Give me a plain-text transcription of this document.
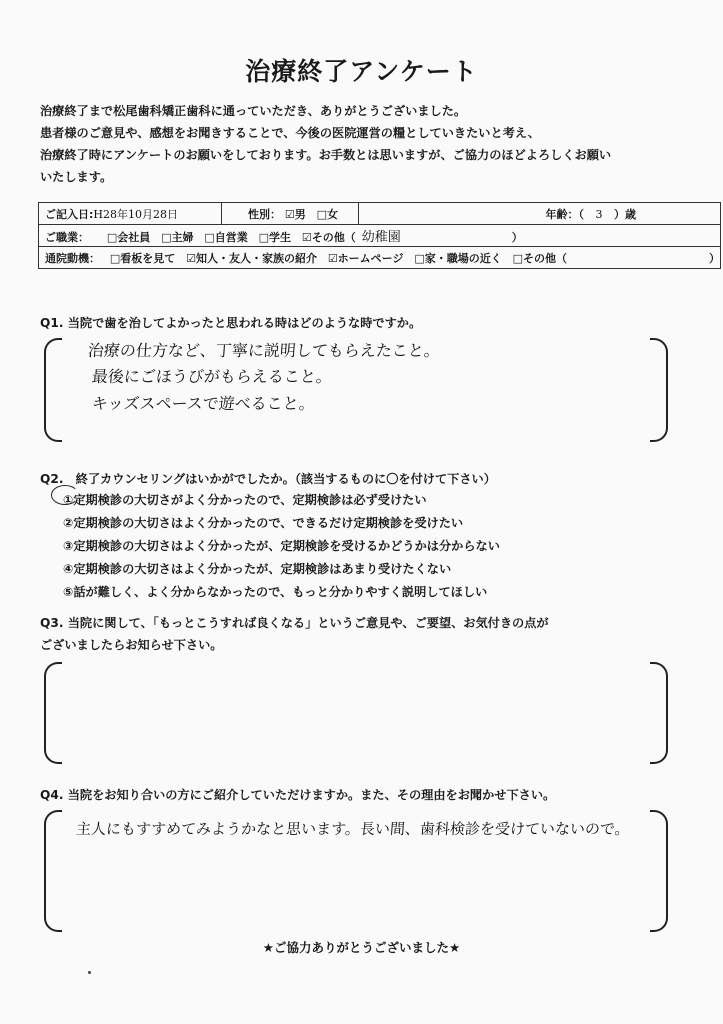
治療終了アンケート
治療終了まで松尾歯科矯正歯科に通っていただき、ありがとうございました。
患者様のご意見や、感想をお聞きすることで、今後の医院運営の糧としていきたいと考え、
治療終了時にアンケートのお願いをしております。お手数とは思いますが、ご協力のほどよろしくお願い
いたします。
ご記入日:H28年10月28日	性別： ☑男 □女	年齢：（ 3 ）歳
ご職業： □会社員 □主婦 □自営業 □学生 ☑その他（ 幼稚園	）
通院動機： □看板を見て ☑知人・友人・家族の紹介 ☑ホームページ □家・職場の近く □その他（	）
Q1. 当院で歯を治してよかったと思われる時はどのような時ですか。
治療の仕方など、丁寧に説明してもらえたこと。
最後にごほうびがもらえること。
キッズスペースで遊べること。
Q2.　終了カウンセリングはいかがでしたか。（該当するものに〇を付けて下さい）
①定期検診の大切さがよく分かったので、定期検診は必ず受けたい
②定期検診の大切さはよく分かったので、できるだけ定期検診を受けたい
③定期検診の大切さはよく分かったが、定期検診を受けるかどうかは分からない
④定期検診の大切さはよく分かったが、定期検診はあまり受けたくない
⑤話が難しく、よく分からなかったので、もっと分かりやすく説明してほしい
Q3. 当院に関して、「もっとこうすれば良くなる」というご意見や、ご要望、お気付きの点が
ございましたらお知らせ下さい。
Q4. 当院をお知り合いの方にご紹介していただけますか。また、その理由をお聞かせ下さい。
主人にもすすめてみようかなと思います。長い間、歯科検診を受けていないので。
★ご協力ありがとうございました★
